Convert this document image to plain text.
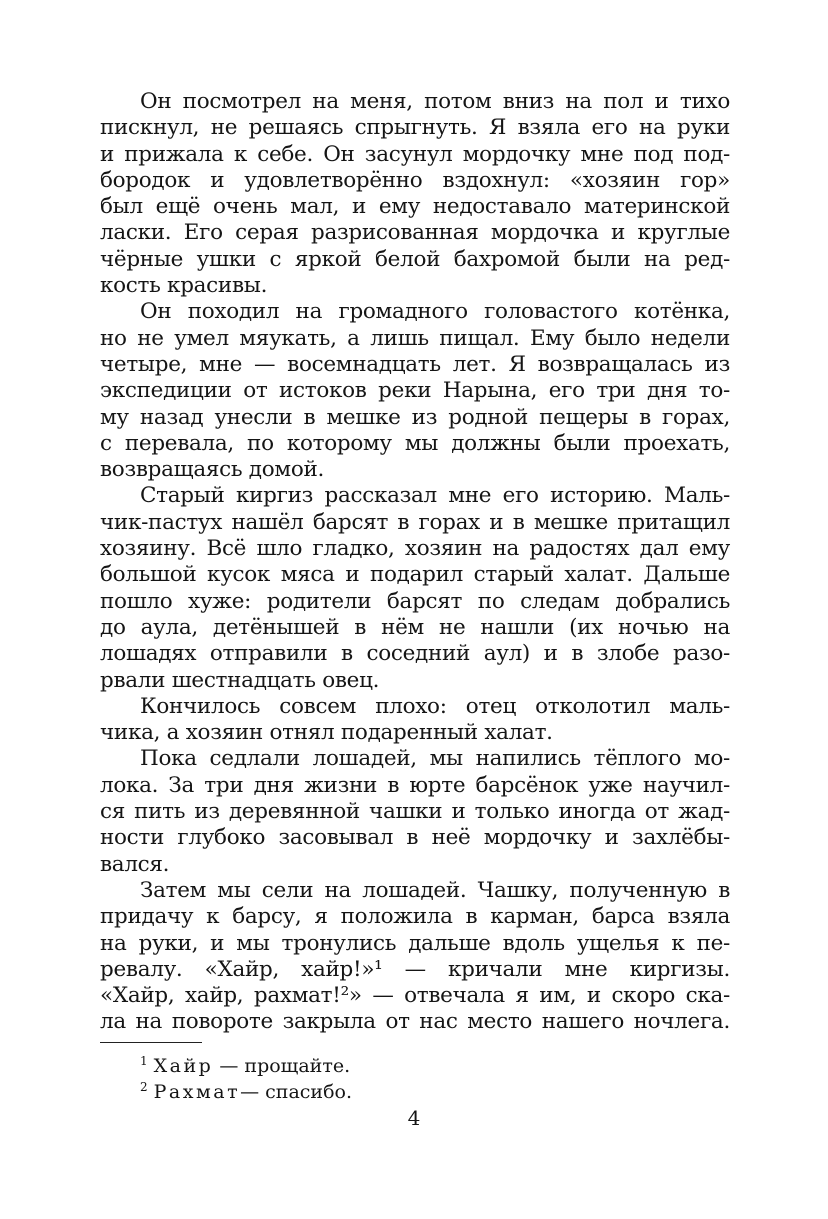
Он посмотрел на меня, потом вниз на пол и тихо
пискнул, не решаясь спрыгнуть. Я взяла его на руки
и прижала к себе. Он засунул мордочку мне под под-
бородок и удовлетворённо вздохнул: «хозяин гор»
был ещё очень мал, и ему недоставало материнской
ласки. Его серая разрисованная мордочка и круглые
чёрные ушки с яркой белой бахромой были на ред-
кость красивы.
Он походил на громадного головастого котёнка,
но не умел мяукать, а лишь пищал. Ему было недели
четыре, мне — восемнадцать лет. Я возвращалась из
экспедиции от истоков реки Нарына, его три дня то-
му назад унесли в мешке из родной пещеры в горах,
с перевала, по которому мы должны были проехать,
возвращаясь домой.
Старый киргиз рассказал мне его историю. Маль-
чик-пастух нашёл барсят в горах и в мешке притащил
хозяину. Всё шло гладко, хозяин на радостях дал ему
большой кусок мяса и подарил старый халат. Дальше
пошло хуже: родители барсят по следам добрались
до аула, детёнышей в нём не нашли (их ночью на
лошадях отправили в соседний аул) и в злобе разо-
рвали шестнадцать овец.
Кончилось совсем плохо: отец отколотил маль-
чика, а хозяин отнял подаренный халат.
Пока седлали лошадей, мы напились тёплого мо-
лока. За три дня жизни в юрте барсёнок уже научил-
ся пить из деревянной чашки и только иногда от жад-
ности глубоко засовывал в неё мордочку и захлёбы-
вался.
Затем мы сели на лошадей. Чашку, полученную в
придачу к барсу, я положила в карман, барса взяла
на руки, и мы тронулись дальше вдоль ущелья к пе-
ревалу. «Хайр, хайр!»¹ — кричали мне киргизы.
«Хайр, хайр, рахмат!²» — отвечала я им, и скоро ска-
ла на повороте закрыла от нас место нашего ночлега.
$^1$ Хайр — прощайте.
$^2$ Рахмат— спасибо.
4
